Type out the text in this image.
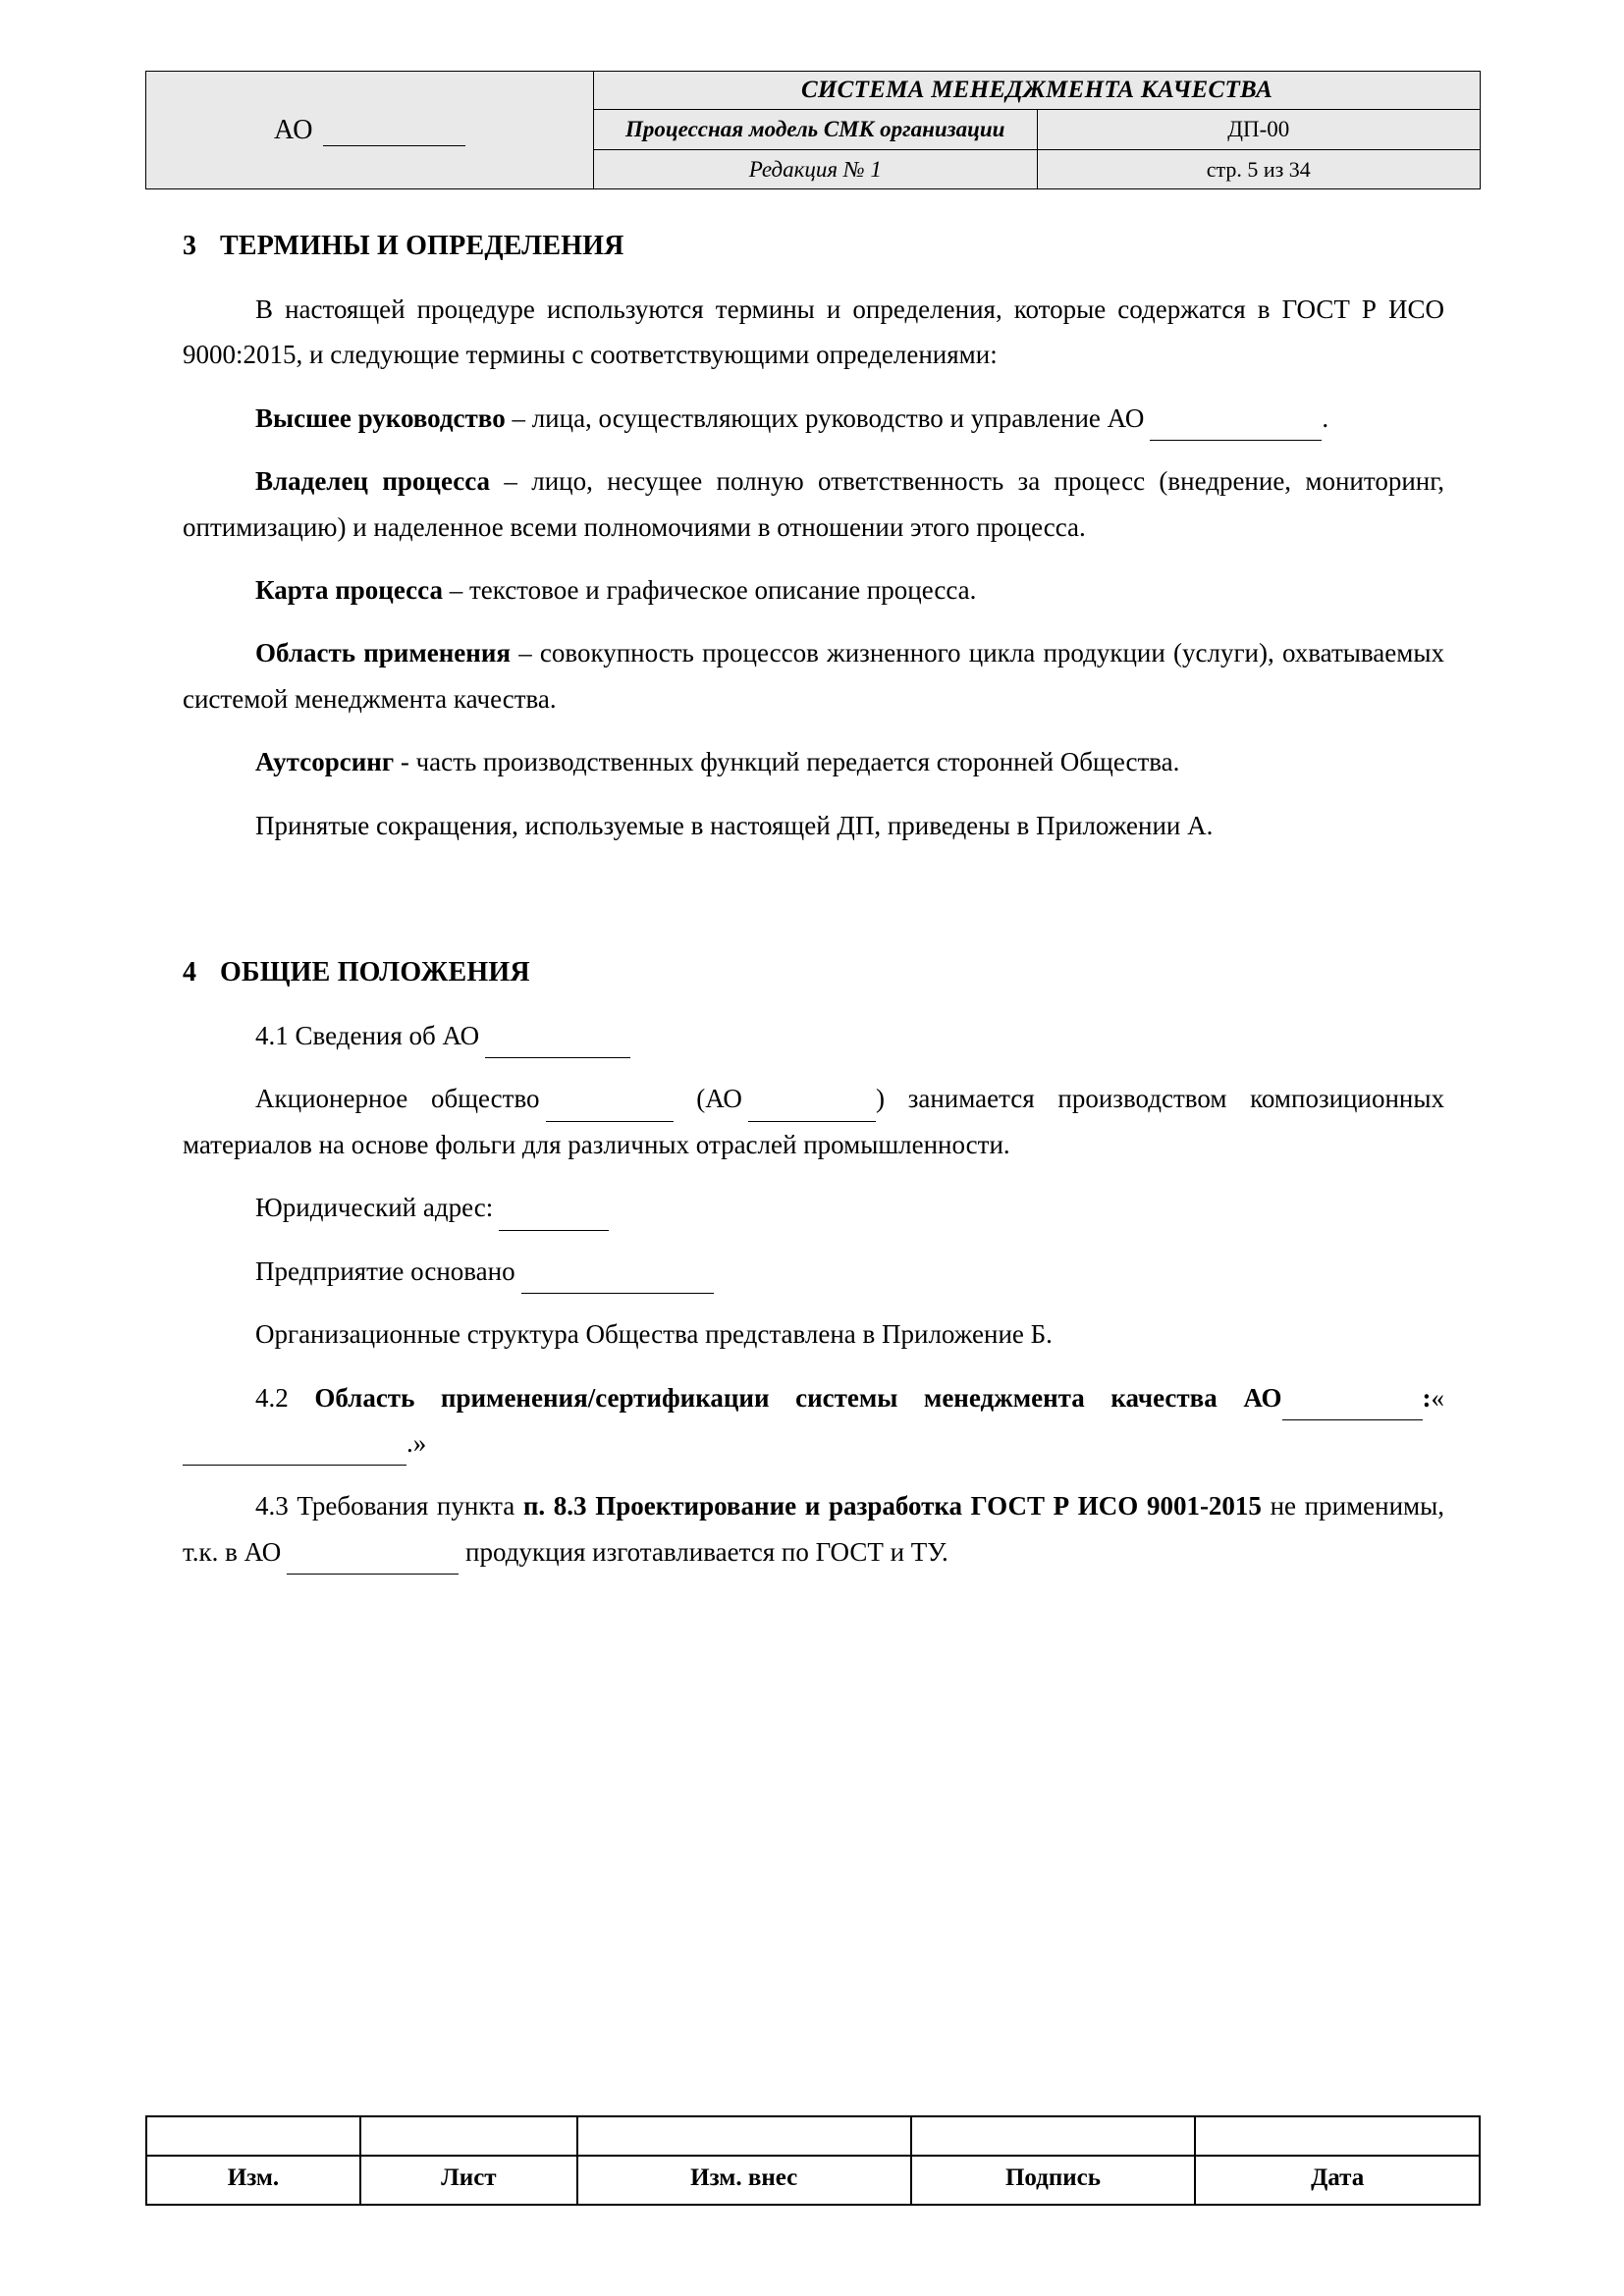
АО	СИСТЕМА МЕНЕДЖМЕНТА КАЧЕСТВА	
	Процессная модель СМК организации	ДП-00
	Редакция № 1	стр. 5 из 34
3 ТЕРМИНЫ И ОПРЕДЕЛЕНИЯ

В настоящей процедуре используются термины и определения, которые содержатся в ГОСТ Р ИСО 9000:2015, и следующие термины с соответствующими определениями:

Высшее руководство – лица, осуществляющих руководство и управление АО	.

Владелец процесса – лицо, несущее полную ответственность за процесс (внедрение, мониторинг, оптимизацию) и наделенное всеми полномочиями в отношении этого процесса.

Карта процесса – текстовое и графическое описание процесса.

Область применения – совокупность процессов жизненного цикла продукции (услуги), охватываемых системой менеджмента качества.

Аутсорсинг - часть производственных функций передается сторонней Общества.

Принятые сокращения, используемые в настоящей ДП, приведены в Приложении А.

4 ОБЩИЕ ПОЛОЖЕНИЯ

4.1 Сведения об АО

Акционерное общество	(АО	) занимается производством композиционных материалов на основе фольги для различных отраслей промышленности.

Юридический адрес:

Предприятие основано

Организационные структура Общества представлена в Приложение Б.

4.2 Область применения/сертификации системы менеджмента качества АО	:«.»

4.3 Требования пункта п. 8.3 Проектирование и разработка ГОСТ Р ИСО 9001-2015 не применимы, т.к. в АО	продукция изготавливается по ГОСТ и ТУ.

Изм.	Лист	Изм. внес	Подпись	Дата
